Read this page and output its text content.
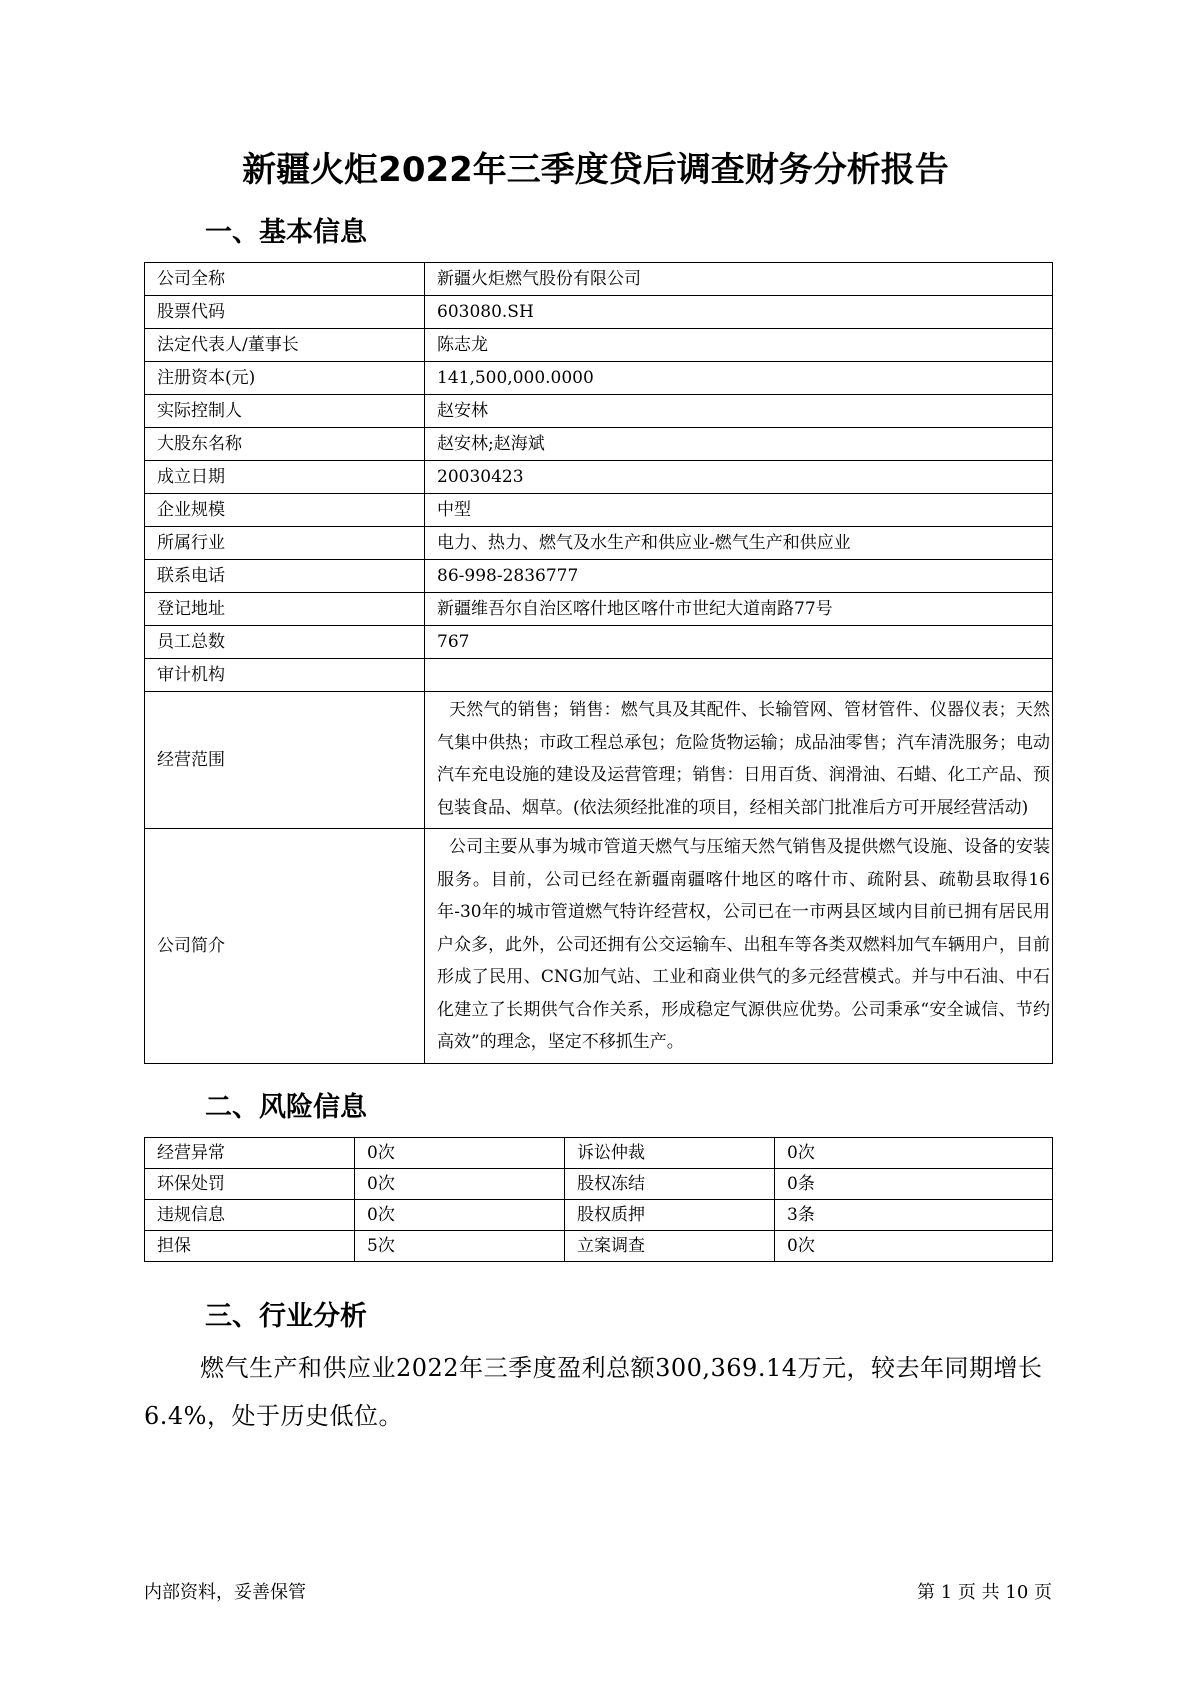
新疆火炬2022年三季度贷后调查财务分析报告
一、基本信息
公司全称	新疆火炬燃气股份有限公司
股票代码	603080.SH
法定代表人/董事长	陈志龙
注册资本(元)	141,500,000.0000
实际控制人	赵安林
大股东名称	赵安林;赵海斌
成立日期	20030423
企业规模	中型
所属行业	电力、热力、燃气及水生产和供应业-燃气生产和供应业
联系电话	86-998-2836777
登记地址	新疆维吾尔自治区喀什地区喀什市世纪大道南路77号
员工总数	767
审计机构	
经营范围	天然气的销售；销售：燃气具及其配件、长输管网、管材管件、仪器仪表；天然气集中供热；市政工程总承包；危险货物运输；成品油零售；汽车清洗服务；电动汽车充电设施的建设及运营管理；销售：日用百货、润滑油、石蜡、化工产品、预包装食品、烟草。(依法须经批准的项目，经相关部门批准后方可开展经营活动)
公司简介	公司主要从事为城市管道天燃气与压缩天然气销售及提供燃气设施、设备的安装服务。目前，公司已经在新疆南疆喀什地区的喀什市、疏附县、疏勒县取得16年-30年的城市管道燃气特许经营权，公司已在一市两县区域内目前已拥有居民用户众多，此外，公司还拥有公交运输车、出租车等各类双燃料加气车辆用户，目前形成了民用、CNG加气站、工业和商业供气的多元经营模式。并与中石油、中石化建立了长期供气合作关系，形成稳定气源供应优势。公司秉承“安全诚信、节约高效”的理念，坚定不移抓生产。
二、风险信息
经营异常	0次	诉讼仲裁	0次
环保处罚	0次	股权冻结	0条
违规信息	0次	股权质押	3条
担保	5次	立案调查	0次
三、行业分析

燃气生产和供应业2022年三季度盈利总额300,369.14万元，较去年同期增长6.4%，处于历史低位。

内部资料，妥善保管	第 1 页 共 10 页
